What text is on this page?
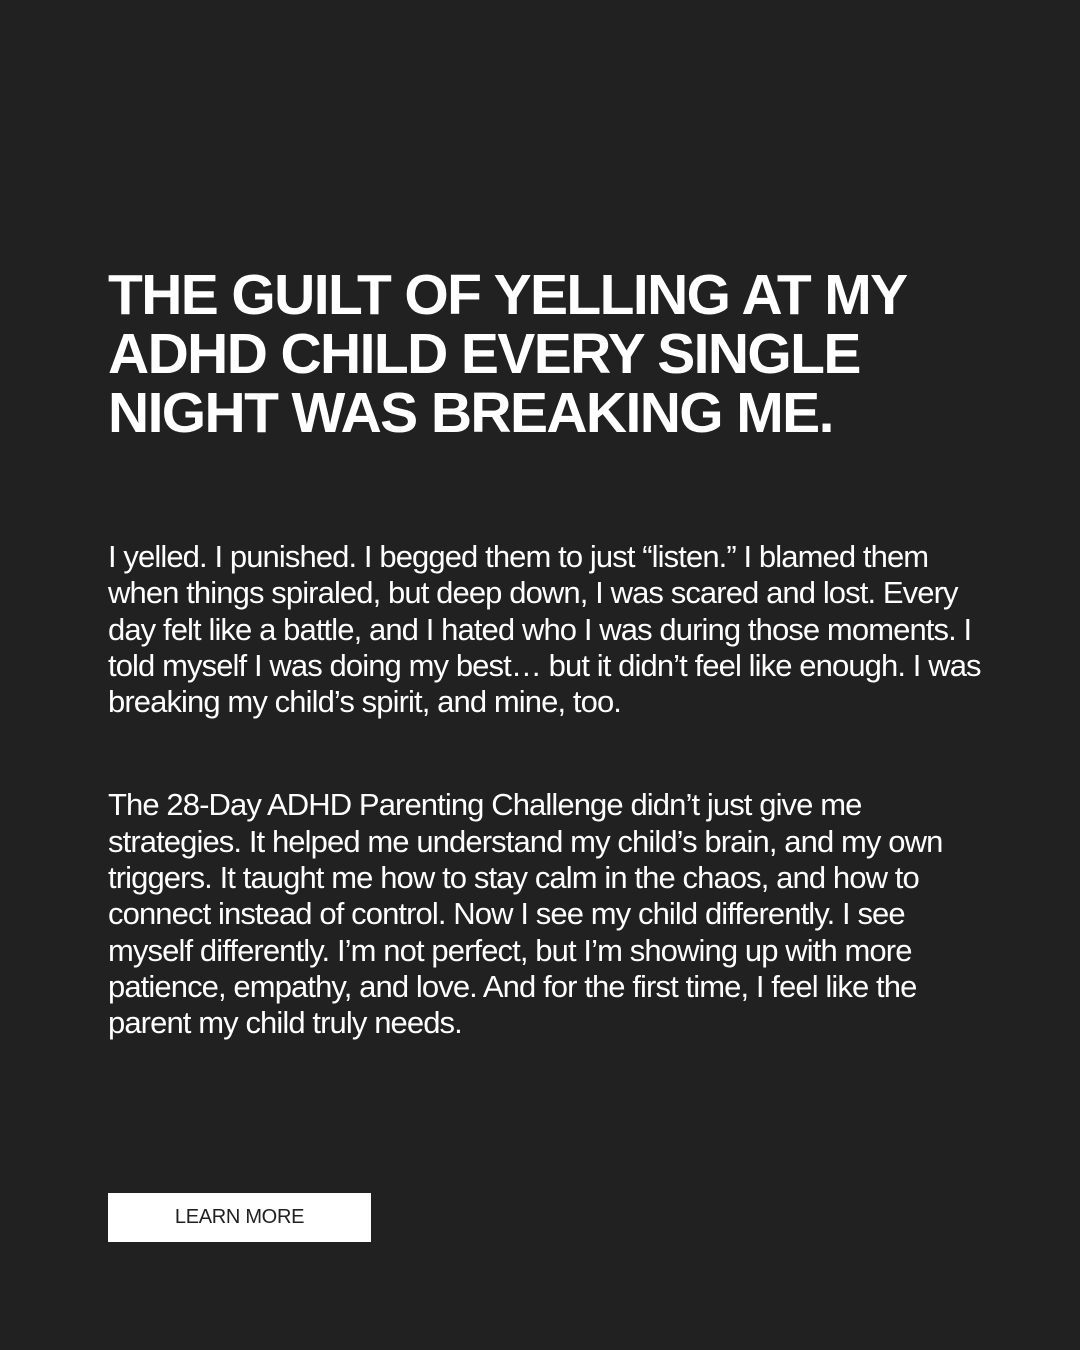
THE GUILT OF YELLING AT MY ADHD CHILD EVERY SINGLE NIGHT WAS BREAKING ME.

I yelled. I punished. I begged them to just “listen.” I blamed them when things spiraled, but deep down, I was scared and lost. Every day felt like a battle, and I hated who I was during those moments. I told myself I was doing my best… but it didn’t feel like enough. I was breaking my child’s spirit, and mine, too.

The 28-Day ADHD Parenting Challenge didn’t just give me strategies. It helped me understand my child’s brain, and my own triggers. It taught me how to stay calm in the chaos, and how to connect instead of control. Now I see my child differently. I see myself differently. I’m not perfect, but I’m showing up with more patience, empathy, and love. And for the first time, I feel like the parent my child truly needs.

LEARN MORE
